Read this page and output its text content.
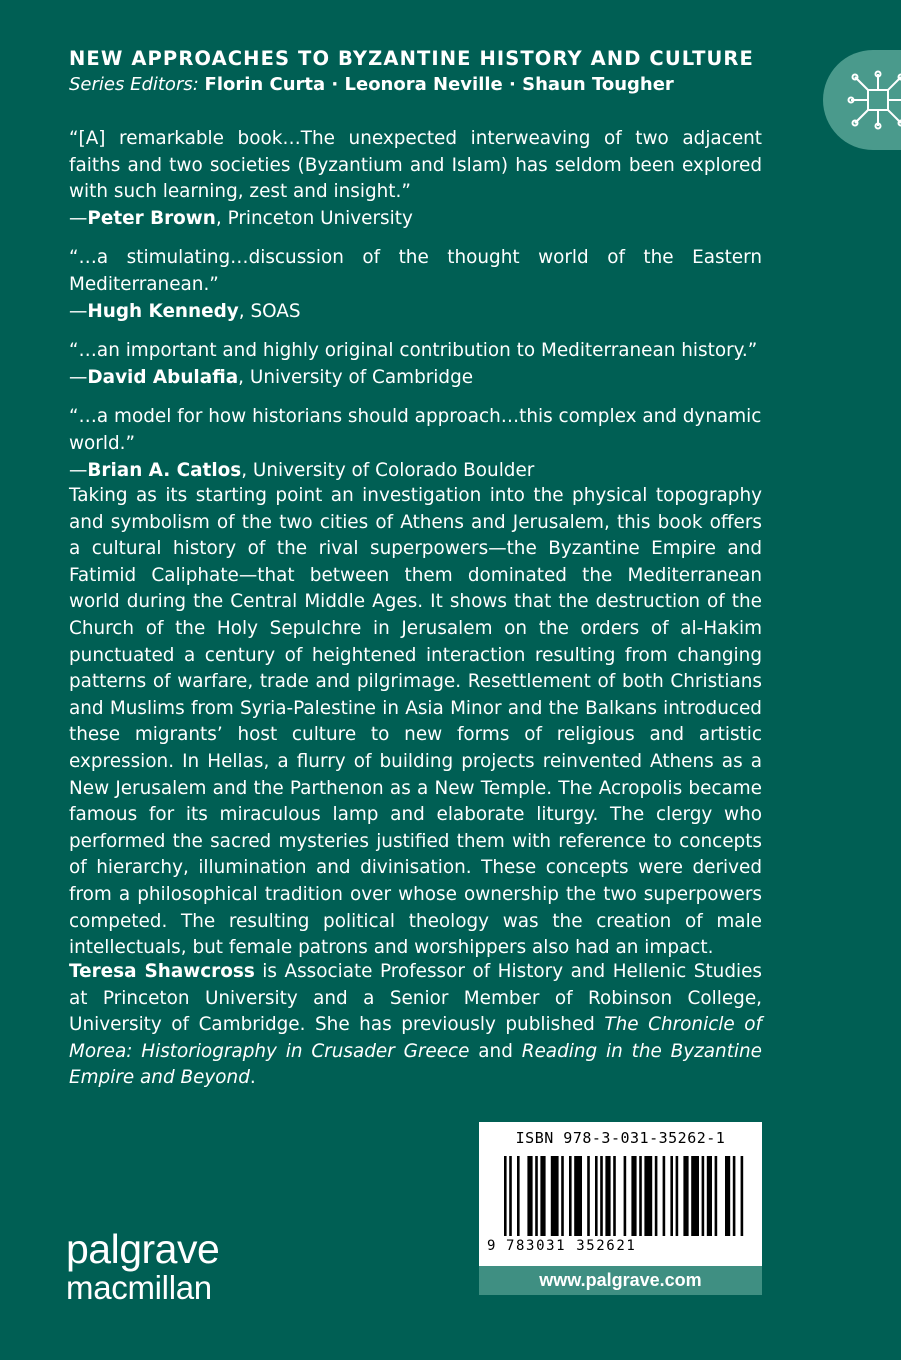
NEW APPROACHES TO BYZANTINE HISTORY AND CULTURE
Series Editors: Florin Curta · Leonora Neville · Shaun Tougher
“[A] remarkable book…The unexpected interweaving of two adjacent faiths and two societies (Byzantium and Islam) has seldom been explored with such learning, zest and insight.”
—Peter Brown, Princeton University
“…a stimulating…discussion of the thought world of the Eastern Mediterranean.”
—Hugh Kennedy, SOAS
“…an important and highly original contribution to Mediterranean history.”
—David Abulafia, University of Cambridge
“…a model for how historians should approach…this complex and dynamic world.”
—Brian A. Catlos, University of Colorado Boulder

Taking as its starting point an investigation into the physical topography and symbolism of the two cities of Athens and Jerusalem, this book offers a cultural history of the rival superpowers—the Byzantine Empire and Fatimid Caliphate—that between them dominated the Mediterranean world during the Central Middle Ages. It shows that the destruction of the Church of the Holy Sepulchre in Jerusalem on the orders of al-Hakim punctuated a century of heightened interaction resulting from changing patterns of warfare, trade and pilgrimage. Resettlement of both Christians and Muslims from Syria-Palestine in Asia Minor and the Balkans introduced these migrants’ host culture to new forms of religious and artistic expression. In Hellas, a flurry of building projects reinvented Athens as a New Jerusalem and the Parthenon as a New Temple. The Acropolis became famous for its miraculous lamp and elaborate liturgy. The clergy who performed the sacred mysteries justified them with reference to concepts of hierarchy, illumination and divinisation. These concepts were derived from a philosophical tradition over whose ownership the two superpowers competed. The resulting political theology was the creation of male intellectuals, but female patrons and worshippers also had an impact.

Teresa Shawcross is Associate Professor of History and Hellenic Studies at Princeton University and a Senior Member of Robinson College, University of Cambridge. She has previously published The Chronicle of Morea: Historiography in Crusader Greece and Reading in the Byzantine Empire and Beyond.

palgrave
macmillan
ISBN 978-3-031-35262-1
9 783031 352621
www.palgrave.com
